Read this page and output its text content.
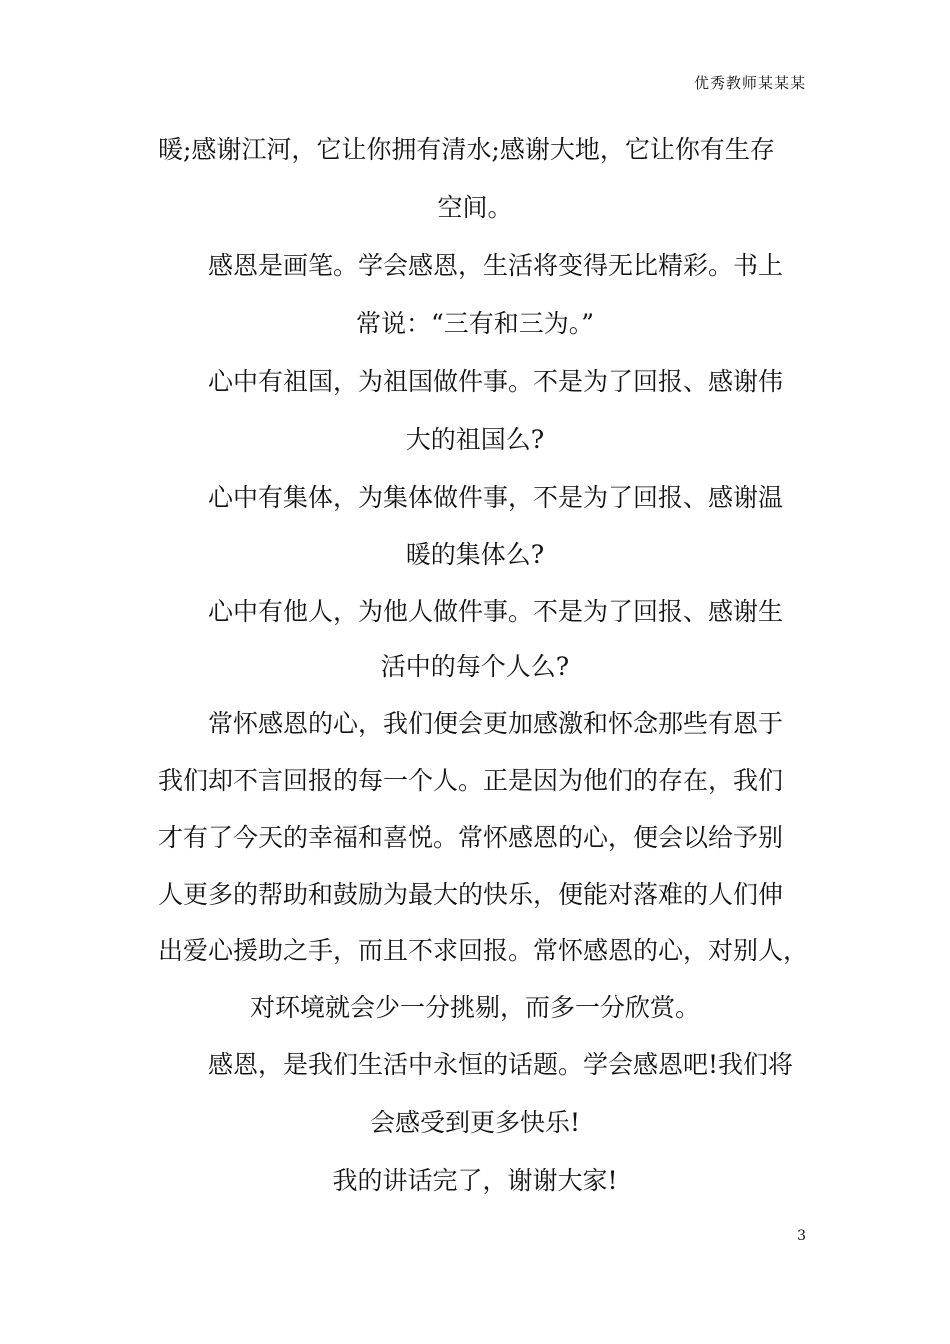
优秀教师某某某
暖;感谢江河，它让你拥有清水;感谢大地，它让你有生存
空间。
感恩是画笔。学会感恩，生活将变得无比精彩。书上
常说：“三有和三为。”
心中有祖国，为祖国做件事。不是为了回报、感谢伟
大的祖国么?
心中有集体，为集体做件事，不是为了回报、感谢温
暖的集体么?
心中有他人，为他人做件事。不是为了回报、感谢生
活中的每个人么?
常怀感恩的心，我们便会更加感激和怀念那些有恩于
我们却不言回报的每一个人。正是因为他们的存在，我们
才有了今天的幸福和喜悦。常怀感恩的心，便会以给予别
人更多的帮助和鼓励为最大的快乐，便能对落难的人们伸
出爱心援助之手，而且不求回报。常怀感恩的心，对别人，
对环境就会少一分挑剔，而多一分欣赏。
感恩，是我们生活中永恒的话题。学会感恩吧!我们将
会感受到更多快乐!
我的讲话完了，谢谢大家!
3
